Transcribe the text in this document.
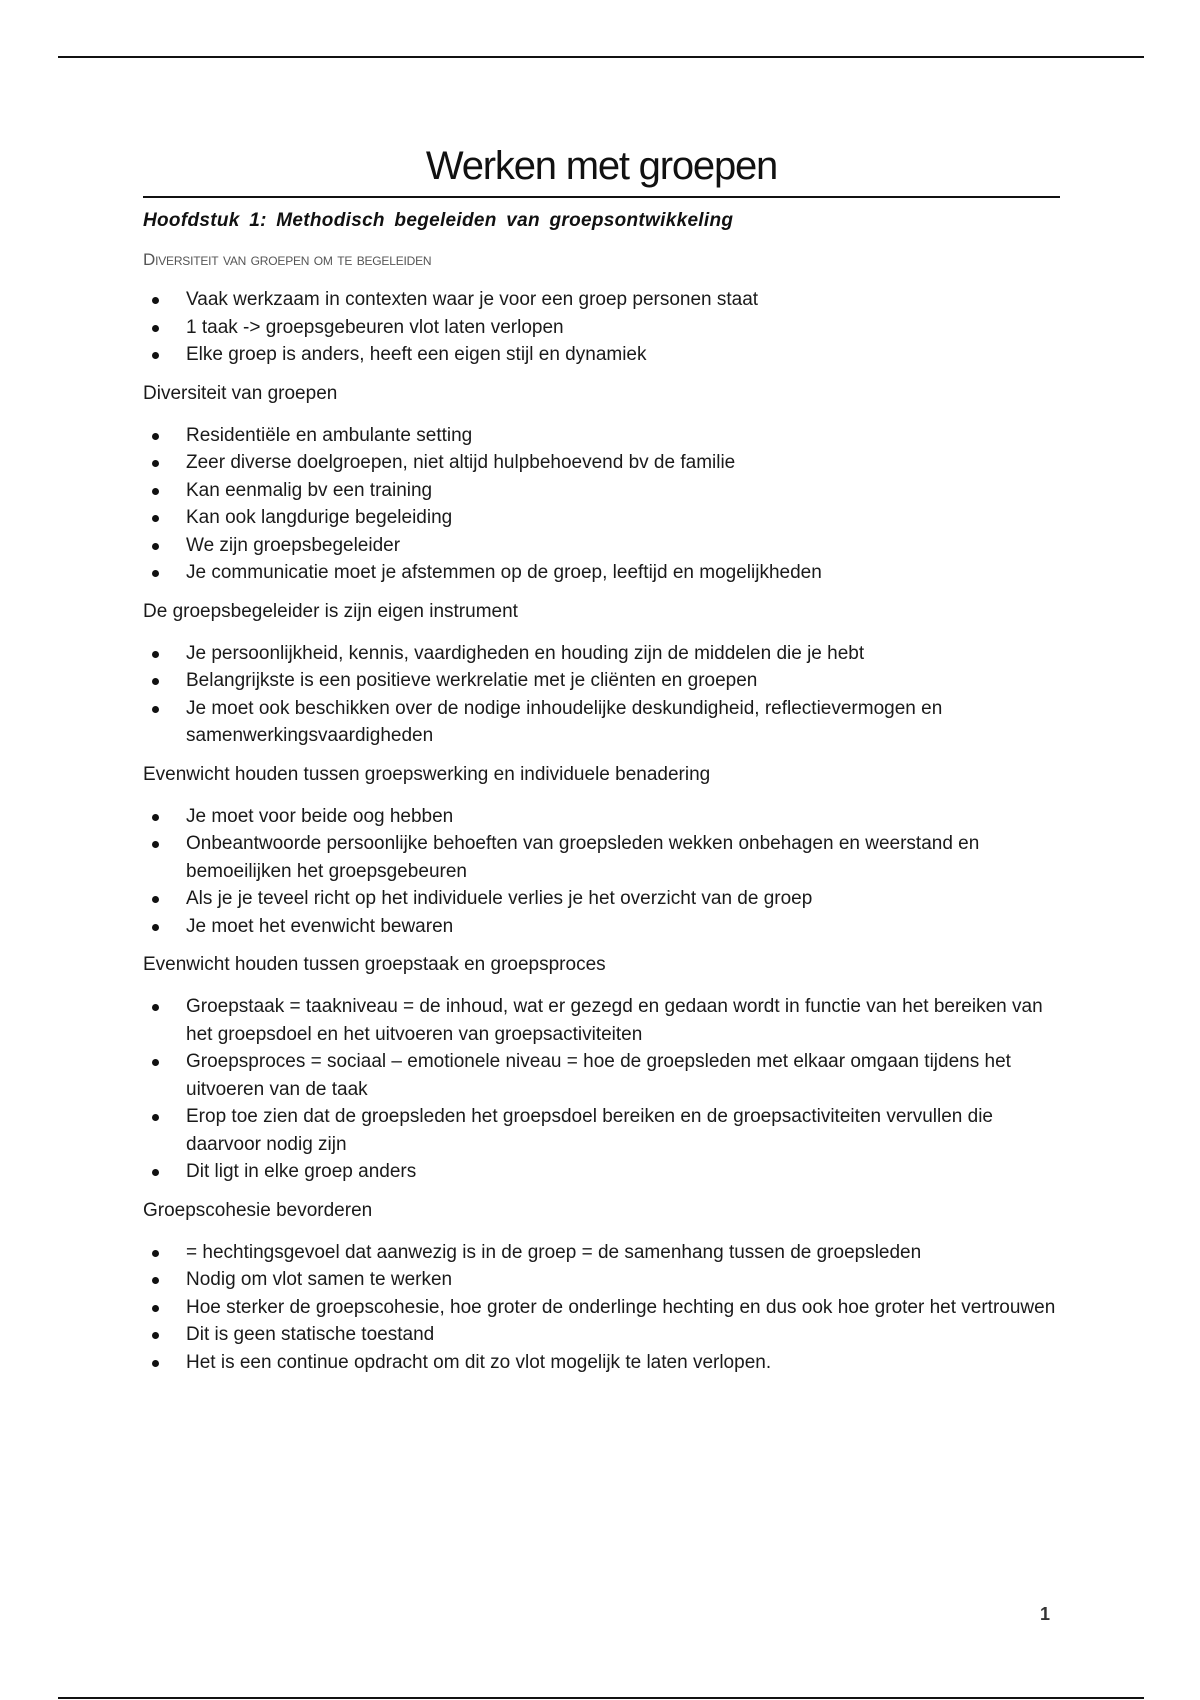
Werken met groepen
Hoofdstuk 1: Methodisch begeleiden van groepsontwikkeling
Diversiteit van groepen om te begeleiden
Vaak werkzaam in contexten waar je voor een groep personen staat
1 taak -> groepsgebeuren vlot laten verlopen
Elke groep is anders, heeft een eigen stijl en dynamiek
Diversiteit van groepen
Residentiële en ambulante setting
Zeer diverse doelgroepen, niet altijd hulpbehoevend bv de familie
Kan eenmalig bv een training
Kan ook langdurige begeleiding
We zijn groepsbegeleider
Je communicatie moet je afstemmen op de groep, leeftijd en mogelijkheden
De groepsbegeleider is zijn eigen instrument
Je persoonlijkheid, kennis, vaardigheden en houding zijn de middelen die je hebt
Belangrijkste is een positieve werkrelatie met je cliënten en groepen
Je moet ook beschikken over de nodige inhoudelijke deskundigheid, reflectievermogen en samenwerkingsvaardigheden
Evenwicht houden tussen groepswerking en individuele benadering
Je moet voor beide oog hebben
Onbeantwoorde persoonlijke behoeften van groepsleden wekken onbehagen en weerstand en bemoeilijken het groepsgebeuren
Als je je teveel richt op het individuele verlies je het overzicht van de groep
Je moet het evenwicht bewaren
Evenwicht houden tussen groepstaak en groepsproces
Groepstaak = taakniveau = de inhoud, wat er gezegd en gedaan wordt in functie van het bereiken van het groepsdoel en het uitvoeren van groepsactiviteiten
Groepsproces = sociaal – emotionele niveau = hoe de groepsleden met elkaar omgaan tijdens het uitvoeren van de taak
Erop toe zien dat de groepsleden het groepsdoel bereiken en de groepsactiviteiten vervullen die daarvoor nodig zijn
Dit ligt in elke groep anders
Groepscohesie bevorderen
= hechtingsgevoel dat aanwezig is in de groep = de samenhang tussen de groepsleden
Nodig om vlot samen te werken
Hoe sterker de groepscohesie, hoe groter de onderlinge hechting en dus ook hoe groter het vertrouwen
Dit is geen statische toestand
Het is een continue opdracht om dit zo vlot mogelijk te laten verlopen.
1
